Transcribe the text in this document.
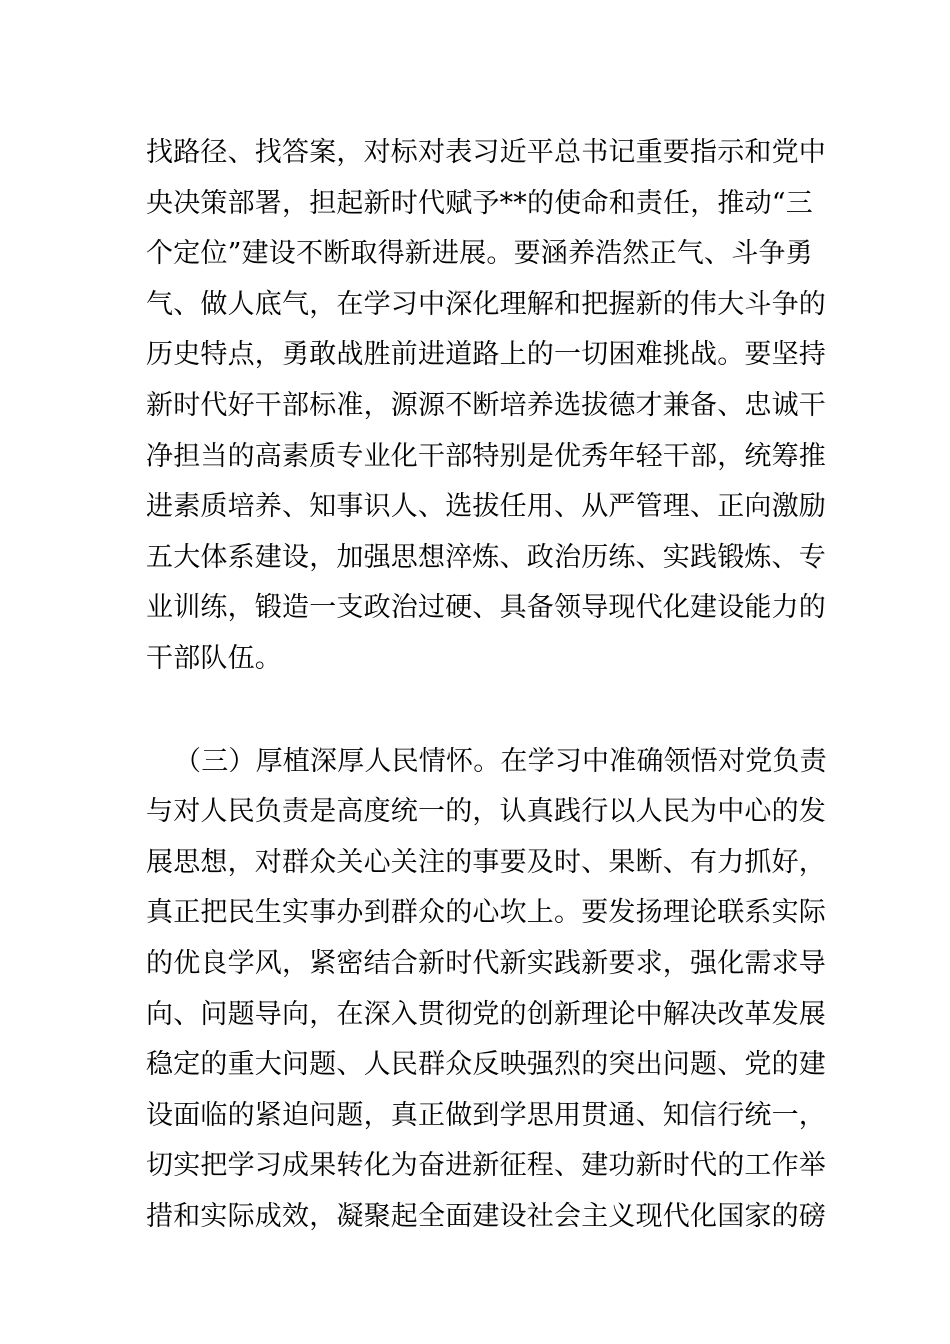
找路径、找答案，对标对表习近平总书记重要指示和党中
央决策部署，担起新时代赋予**的使命和责任，推动“三
个定位”建设不断取得新进展。要涵养浩然正气、斗争勇
气、做人底气，在学习中深化理解和把握新的伟大斗争的
历史特点，勇敢战胜前进道路上的一切困难挑战。要坚持
新时代好干部标准，源源不断培养选拔德才兼备、忠诚干
净担当的高素质专业化干部特别是优秀年轻干部，统筹推
进素质培养、知事识人、选拔任用、从严管理、正向激励
五大体系建设，加强思想淬炼、政治历练、实践锻炼、专
业训练，锻造一支政治过硬、具备领导现代化建设能力的
干部队伍。
（三）厚植深厚人民情怀。在学习中准确领悟对党负责
与对人民负责是高度统一的，认真践行以人民为中心的发
展思想，对群众关心关注的事要及时、果断、有力抓好，
真正把民生实事办到群众的心坎上。要发扬理论联系实际
的优良学风，紧密结合新时代新实践新要求，强化需求导
向、问题导向，在深入贯彻党的创新理论中解决改革发展
稳定的重大问题、人民群众反映强烈的突出问题、党的建
设面临的紧迫问题，真正做到学思用贯通、知信行统一，
切实把学习成果转化为奋进新征程、建功新时代的工作举
措和实际成效，凝聚起全面建设社会主义现代化国家的磅
